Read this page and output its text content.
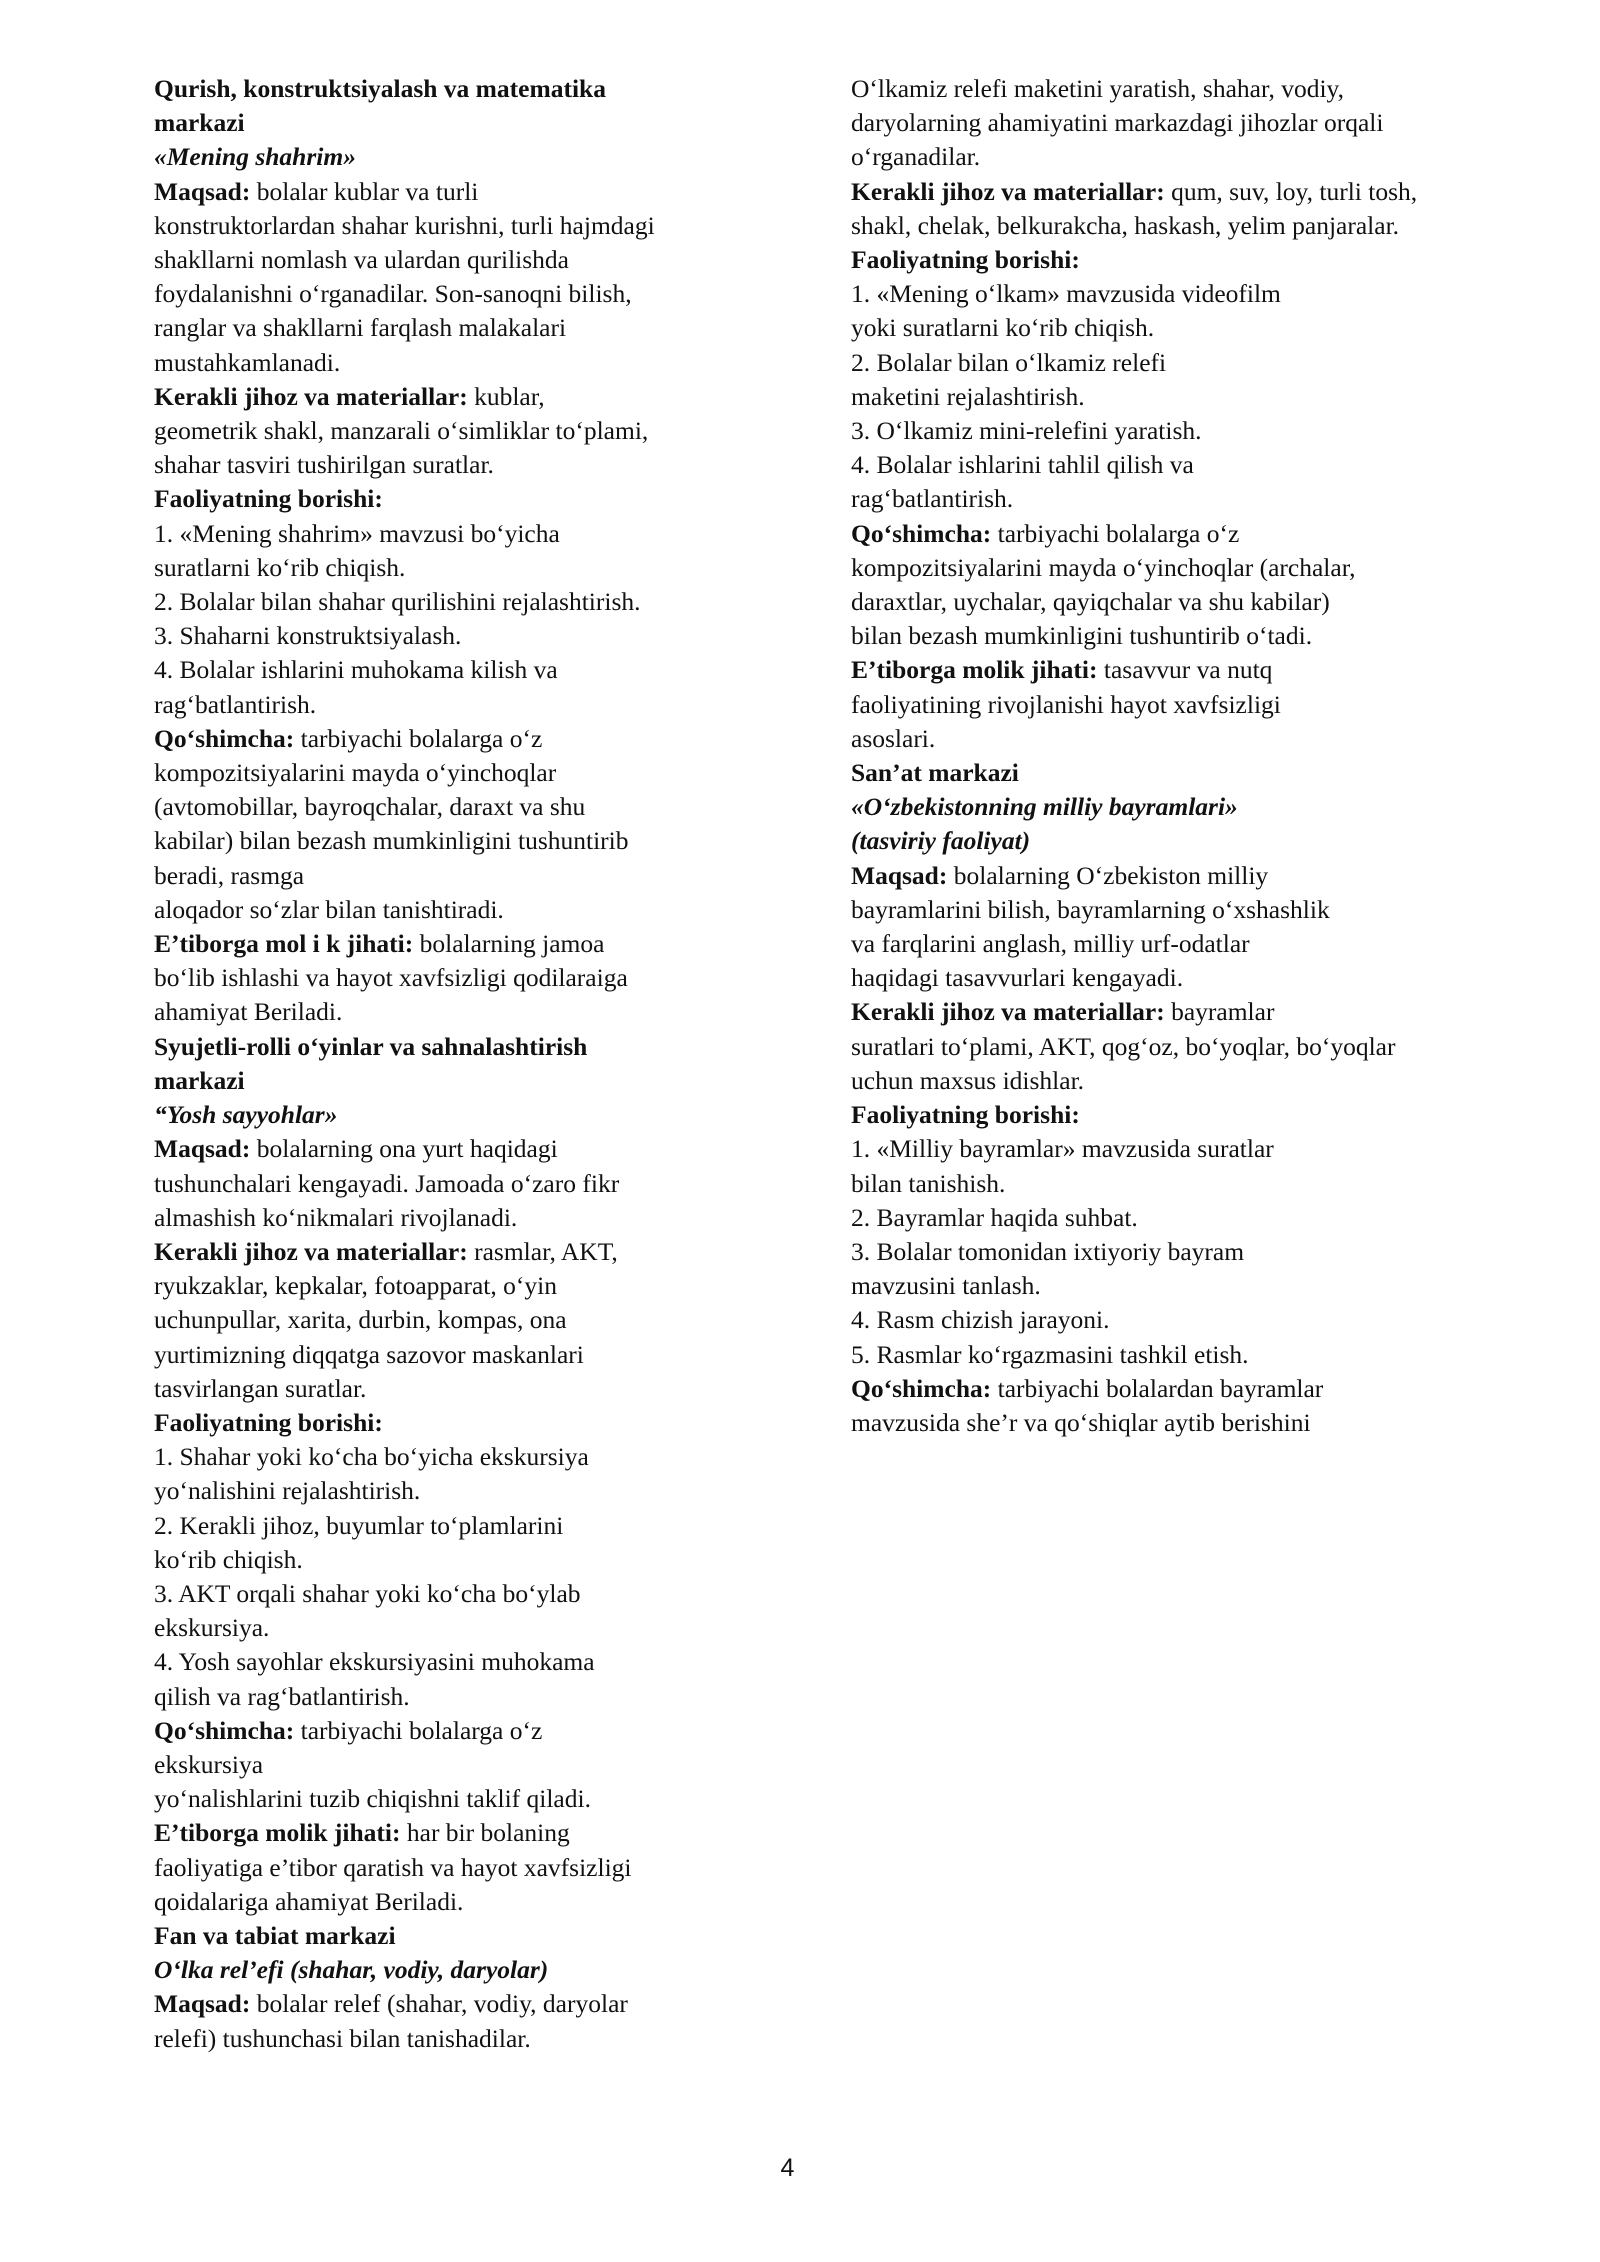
Qurish, konstruktsiyalash va matematika
markazi
«Mening shahrim»
Maqsad: bolalar kublar va turli
konstruktorlardan shahar kurishni, turli hajmdagi
shakllarni nomlash va ulardan qurilishda
foydalanishni o‘rganadilar. Son-sanoqni bilish,
ranglar va shakllarni farqlash malakalari
mustahkamlanadi.
Kerakli jihoz va materiallar: kublar,
geometrik shakl, manzarali o‘simliklar to‘plami,
shahar tasviri tushirilgan suratlar.
Faoliyatning borishi:
1. «Mening shahrim» mavzusi bo‘yicha
suratlarni ko‘rib chiqish.
2. Bolalar bilan shahar qurilishini rejalashtirish.
3. Shaharni konstruktsiyalash.
4. Bolalar ishlarini muhokama kilish va
rag‘batlantirish.
Qo‘shimcha: tarbiyachi bolalarga o‘z
kompozitsiyalarini mayda o‘yinchoqlar
(avtomobillar, bayroqchalar, daraxt va shu
kabilar) bilan bezash mumkinligini tushuntirib
beradi, rasmga
aloqador so‘zlar bilan tanishtiradi.
E’tiborga mol i k jihati: bolalarning jamoa
bo‘lib ishlashi va hayot xavfsizligi qodilaraiga
ahamiyat Beriladi.
Syujetli-rolli o‘yinlar va sahnalashtirish
markazi
“Yosh sayyohlar»
Maqsad: bolalarning ona yurt haqidagi
tushunchalari kengayadi. Jamoada o‘zaro fikr
almashish ko‘nikmalari rivojlanadi.
Kerakli jihoz va materiallar: rasmlar, AKT,
ryukzaklar, kepkalar, fotoapparat, o‘yin
uchunpullar, xarita, durbin, kompas, ona
yurtimizning diqqatga sazovor maskanlari
tasvirlangan suratlar.
Faoliyatning borishi:
1. Shahar yoki ko‘cha bo‘yicha ekskursiya
yo‘nalishini rejalashtirish.
2. Kerakli jihoz, buyumlar to‘plamlarini
ko‘rib chiqish.
3. AKT orqali shahar yoki ko‘cha bo‘ylab
ekskursiya.
4. Yosh sayohlar ekskursiyasini muhokama
qilish va rag‘batlantirish.
Qo‘shimcha: tarbiyachi bolalarga o‘z
ekskursiya
yo‘nalishlarini tuzib chiqishni taklif qiladi.
E’tiborga molik jihati: har bir bolaning
faoliyatiga e’tibor qaratish va hayot xavfsizligi
qoidalariga ahamiyat Beriladi.
Fan va tabiat markazi
O‘lka rel’efi (shahar, vodiy, daryolar)
Maqsad: bolalar relef (shahar, vodiy, daryolar
relefi) tushunchasi bilan tanishadilar.
O‘lkamiz relefi maketini yaratish, shahar, vodiy,
daryolarning ahamiyatini markazdagi jihozlar orqali
o‘rganadilar.
Kerakli jihoz va materiallar: qum, suv, loy, turli tosh,
shakl, chelak, belkurakcha, haskash, yelim panjaralar.
Faoliyatning borishi:
1. «Mening o‘lkam» mavzusida videofilm
yoki suratlarni ko‘rib chiqish.
2. Bolalar bilan o‘lkamiz relefi
maketini rejalashtirish.
3. O‘lkamiz mini-relefini yaratish.
4. Bolalar ishlarini tahlil qilish va
rag‘batlantirish.
Qo‘shimcha: tarbiyachi bolalarga o‘z
kompozitsiyalarini mayda o‘yinchoqlar (archalar,
daraxtlar, uychalar, qayiqchalar va shu kabilar)
bilan bezash mumkinligini tushuntirib o‘tadi.
E’tiborga molik jihati: tasavvur va nutq
faoliyatining rivojlanishi hayot xavfsizligi
asoslari.
San’at markazi
«O‘zbekistonning milliy bayramlari»
(tasviriy faoliyat)
Maqsad: bolalarning O‘zbekiston milliy
bayramlarini bilish, bayramlarning o‘xshashlik
va farqlarini anglash, milliy urf-odatlar
haqidagi tasavvurlari kengayadi.
Kerakli jihoz va materiallar: bayramlar
suratlari to‘plami, AKT, qog‘oz, bo‘yoqlar, bo‘yoqlar
uchun maxsus idishlar.
Faoliyatning borishi:
1. «Milliy bayramlar» mavzusida suratlar
bilan tanishish.
2. Bayramlar haqida suhbat.
3. Bolalar tomonidan ixtiyoriy bayram
mavzusini tanlash.
4. Rasm chizish jarayoni.
5. Rasmlar ko‘rgazmasini tashkil etish.
Qo‘shimcha: tarbiyachi bolalardan bayramlar
mavzusida she’r va qo‘shiqlar aytib berishini
4
